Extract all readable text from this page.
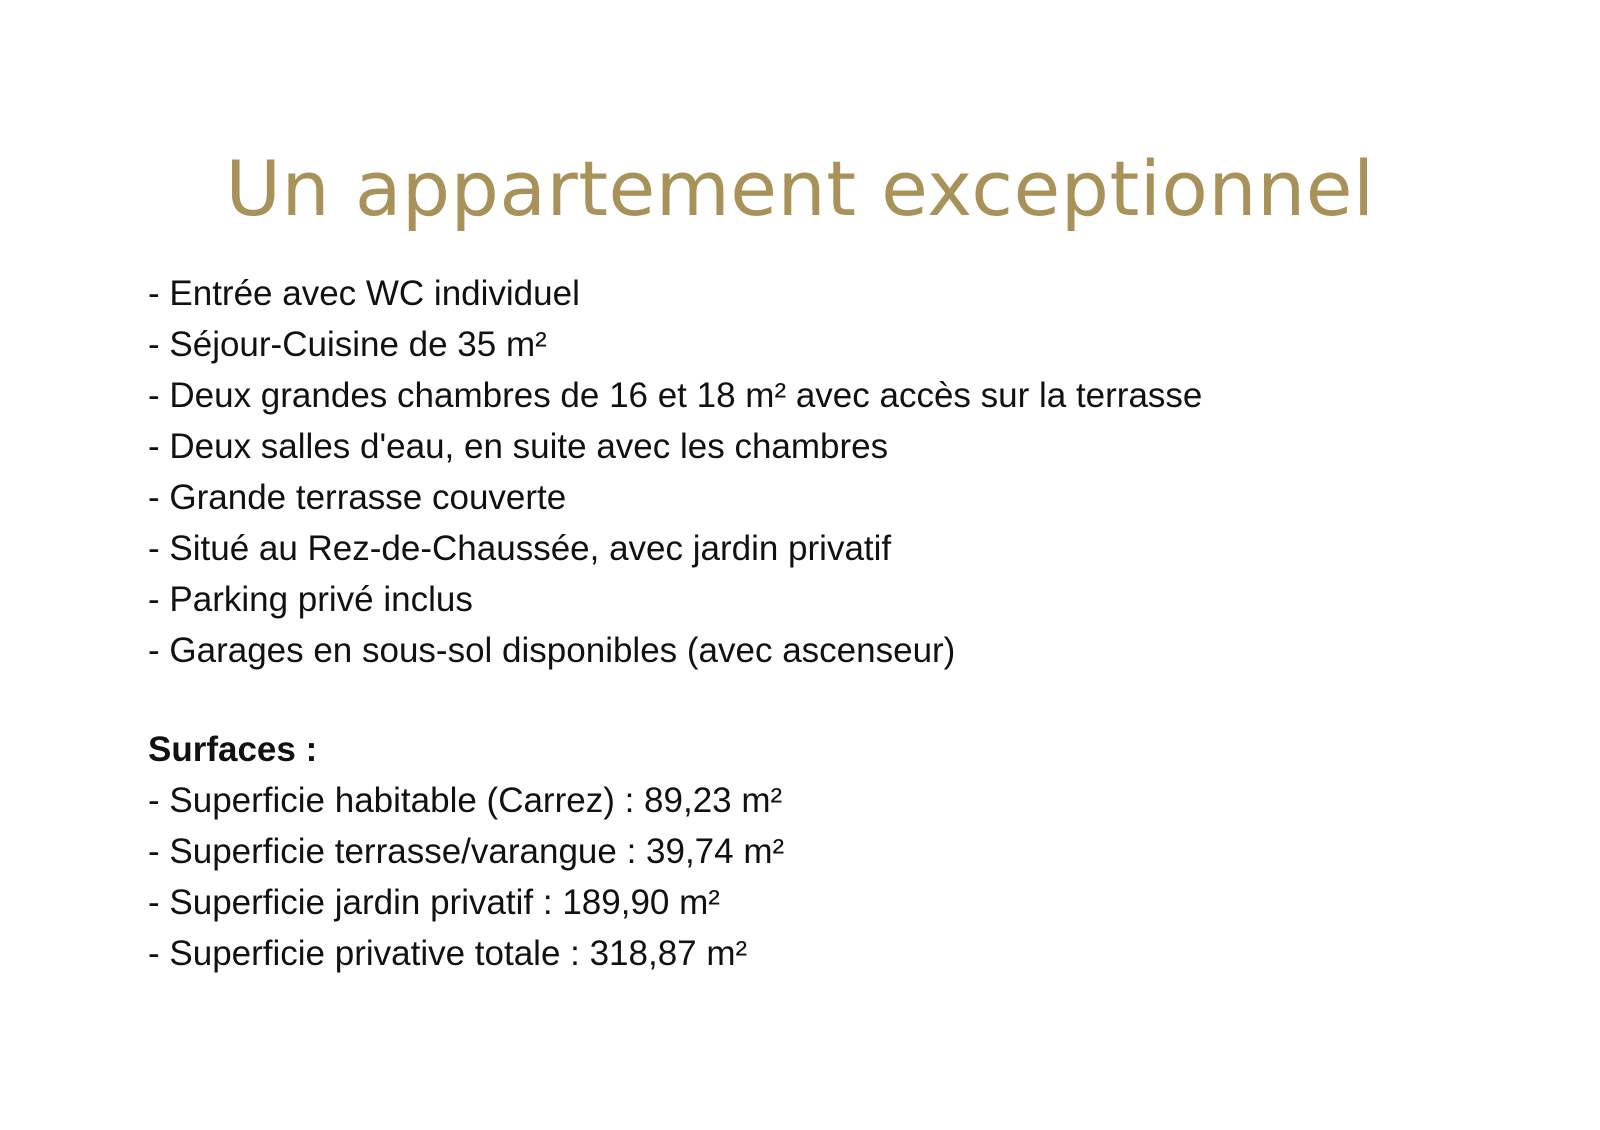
Un appartement exceptionnel
- Entrée avec WC individuel
- Séjour-Cuisine de 35 m²
- Deux grandes chambres de 16 et 18 m² avec accès sur la terrasse
- Deux salles d'eau, en suite avec les chambres
- Grande terrasse couverte
- Situé au Rez-de-Chaussée, avec jardin privatif
- Parking privé inclus
- Garages en sous-sol disponibles (avec ascenseur)
Surfaces :
- Superficie habitable (Carrez) : 89,23 m²
- Superficie terrasse/varangue : 39,74 m²
- Superficie jardin privatif : 189,90 m²
- Superficie privative totale : 318,87 m²
